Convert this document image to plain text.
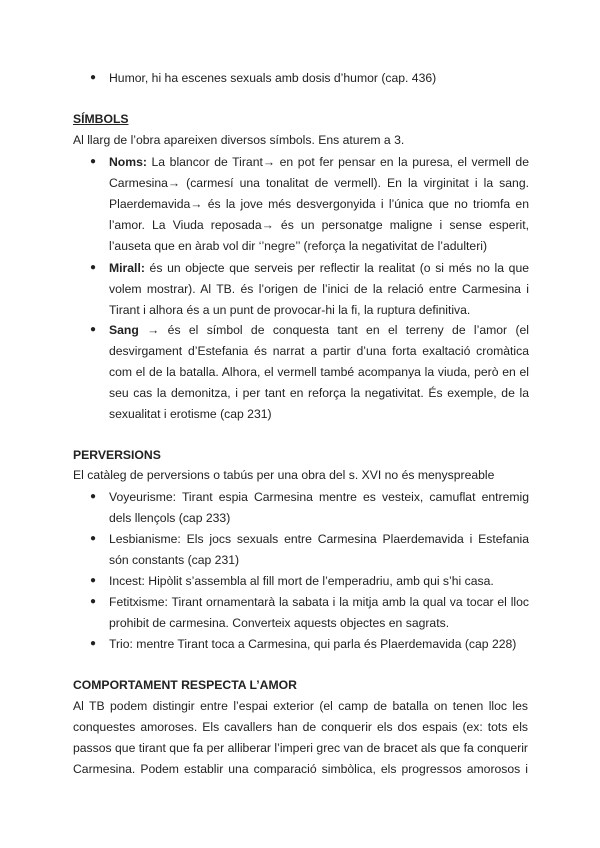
● Humor, hi ha escenes sexuals amb dosis d’humor (cap. 436)
SÍMBOLS
Al llarg de l’obra apareixen diversos símbols. Ens aturem a 3.
● Noms: La blancor de Tirant→ en pot fer pensar en la puresa, el vermell de
Carmesina→ (carmesí una tonalitat de vermell). En la virginitat i la sang.
Plaerdemavida→ és la jove més desvergonyida i l’única que no triomfa en
l’amor. La Viuda reposada→ és un personatge maligne i sense esperit,
l’auseta que en àrab vol dir ‘’negre’’ (reforça la negativitat de l’adulteri)
● Mirall: és un objecte que serveis per reflectir la realitat (o si més no la que
volem mostrar). Al TB. és l’origen de l’inici de la relació entre Carmesina i
Tirant i alhora és a un punt de provocar-hi la fi, la ruptura definitiva.
● Sang → és el símbol de conquesta tant en el terreny de l’amor (el
desvirgament d’Estefania és narrat a partir d’una forta exaltació cromàtica
com el de la batalla. Alhora, el vermell també acompanya la viuda, però en el
seu cas la demonitza, i per tant en reforça la negativitat. És exemple, de la
sexualitat i erotisme (cap 231)
PERVERSIONS
El catàleg de perversions o tabús per una obra del s. XVI no és menyspreable
● Voyeurisme: Tirant espia Carmesina mentre es vesteix, camuflat entremig
dels llençols (cap 233)
● Lesbianisme: Els jocs sexuals entre Carmesina Plaerdemavida i Estefania
són constants (cap 231)
● Incest: Hipòlit s’assembla al fill mort de l’emperadriu, amb qui s’hi casa.
● Fetitxisme: Tirant ornamentarà la sabata i la mitja amb la qual va tocar el lloc
prohibit de carmesina. Converteix aquests objectes en sagrats.
● Trio: mentre Tirant toca a Carmesina, qui parla és Plaerdemavida (cap 228)
COMPORTAMENT RESPECTA L’AMOR
Al TB podem distingir entre l’espai exterior (el camp de batalla on tenen lloc les
conquestes amoroses. Els cavallers han de conquerir els dos espais (ex: tots els
passos que tirant que fa per alliberar l’imperi grec van de bracet als que fa conquerir
Carmesina. Podem establir una comparació simbòlica, els progressos amorosos i
